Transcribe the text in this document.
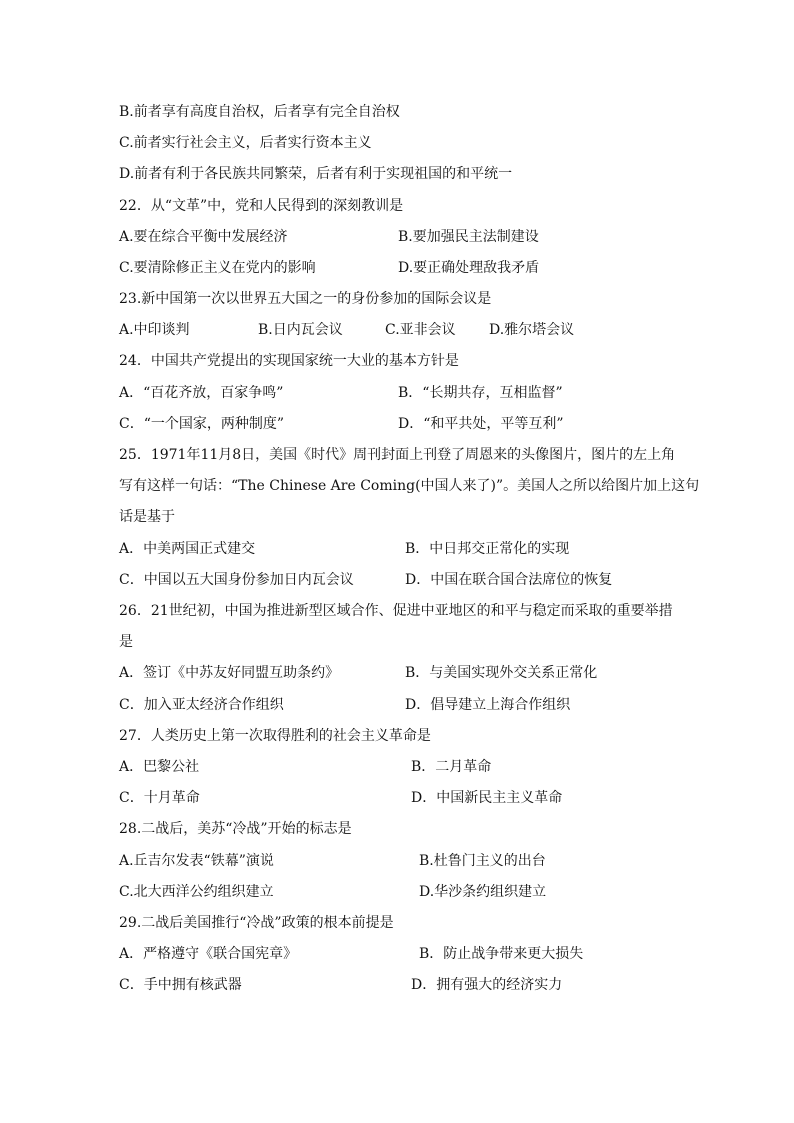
B.前者享有高度自治权，后者享有完全自治权
C.前者实行社会主义，后者实行资本主义
D.前者有利于各民族共同繁荣，后者有利于实现祖国的和平统一
22．从“文革”中，党和人民得到的深刻教训是
A.要在综合平衡中发展经济	B.要加强民主法制建设
C.要清除修正主义在党内的影响	D.要正确处理敌我矛盾
23.新中国第一次以世界五大国之一的身份参加的国际会议是
A.中印谈判	B.日内瓦会议	C.亚非会议 D.雅尔塔会议
24．中国共产党提出的实现国家统一大业的基本方针是
A．“百花齐放，百家争鸣”	B．“长期共存，互相监督”
C．“一个国家，两种制度”	D．“和平共处，平等互利”
25．1971年11月8日，美国《时代》周刊封面上刊登了周恩来的头像图片，图片的左上角
写有这样一句话：“The Chinese Are Coming(中国人来了)”。美国人之所以给图片加上这句
话是基于
A．中美两国正式建交	B．中日邦交正常化的实现
C．中国以五大国身份参加日内瓦会议	D．中国在联合国合法席位的恢复
26．21世纪初，中国为推进新型区域合作、促进中亚地区的和平与稳定而采取的重要举措
是
A．签订《中苏友好同盟互助条约》	B．与美国实现外交关系正常化
C．加入亚太经济合作组织	D．倡导建立上海合作组织
27．人类历史上第一次取得胜利的社会主义革命是
A．巴黎公社	B．二月革命
C．十月革命	D．中国新民主主义革命
28.二战后，美苏“冷战”开始的标志是
A.丘吉尔发表“铁幕”演说	B.杜鲁门主义的出台
C.北大西洋公约组织建立	D.华沙条约组织建立
29.二战后美国推行“冷战”政策的根本前提是
A．严格遵守《联合国宪章》	B．防止战争带来更大损失
C．手中拥有核武器	D．拥有强大的经济实力
